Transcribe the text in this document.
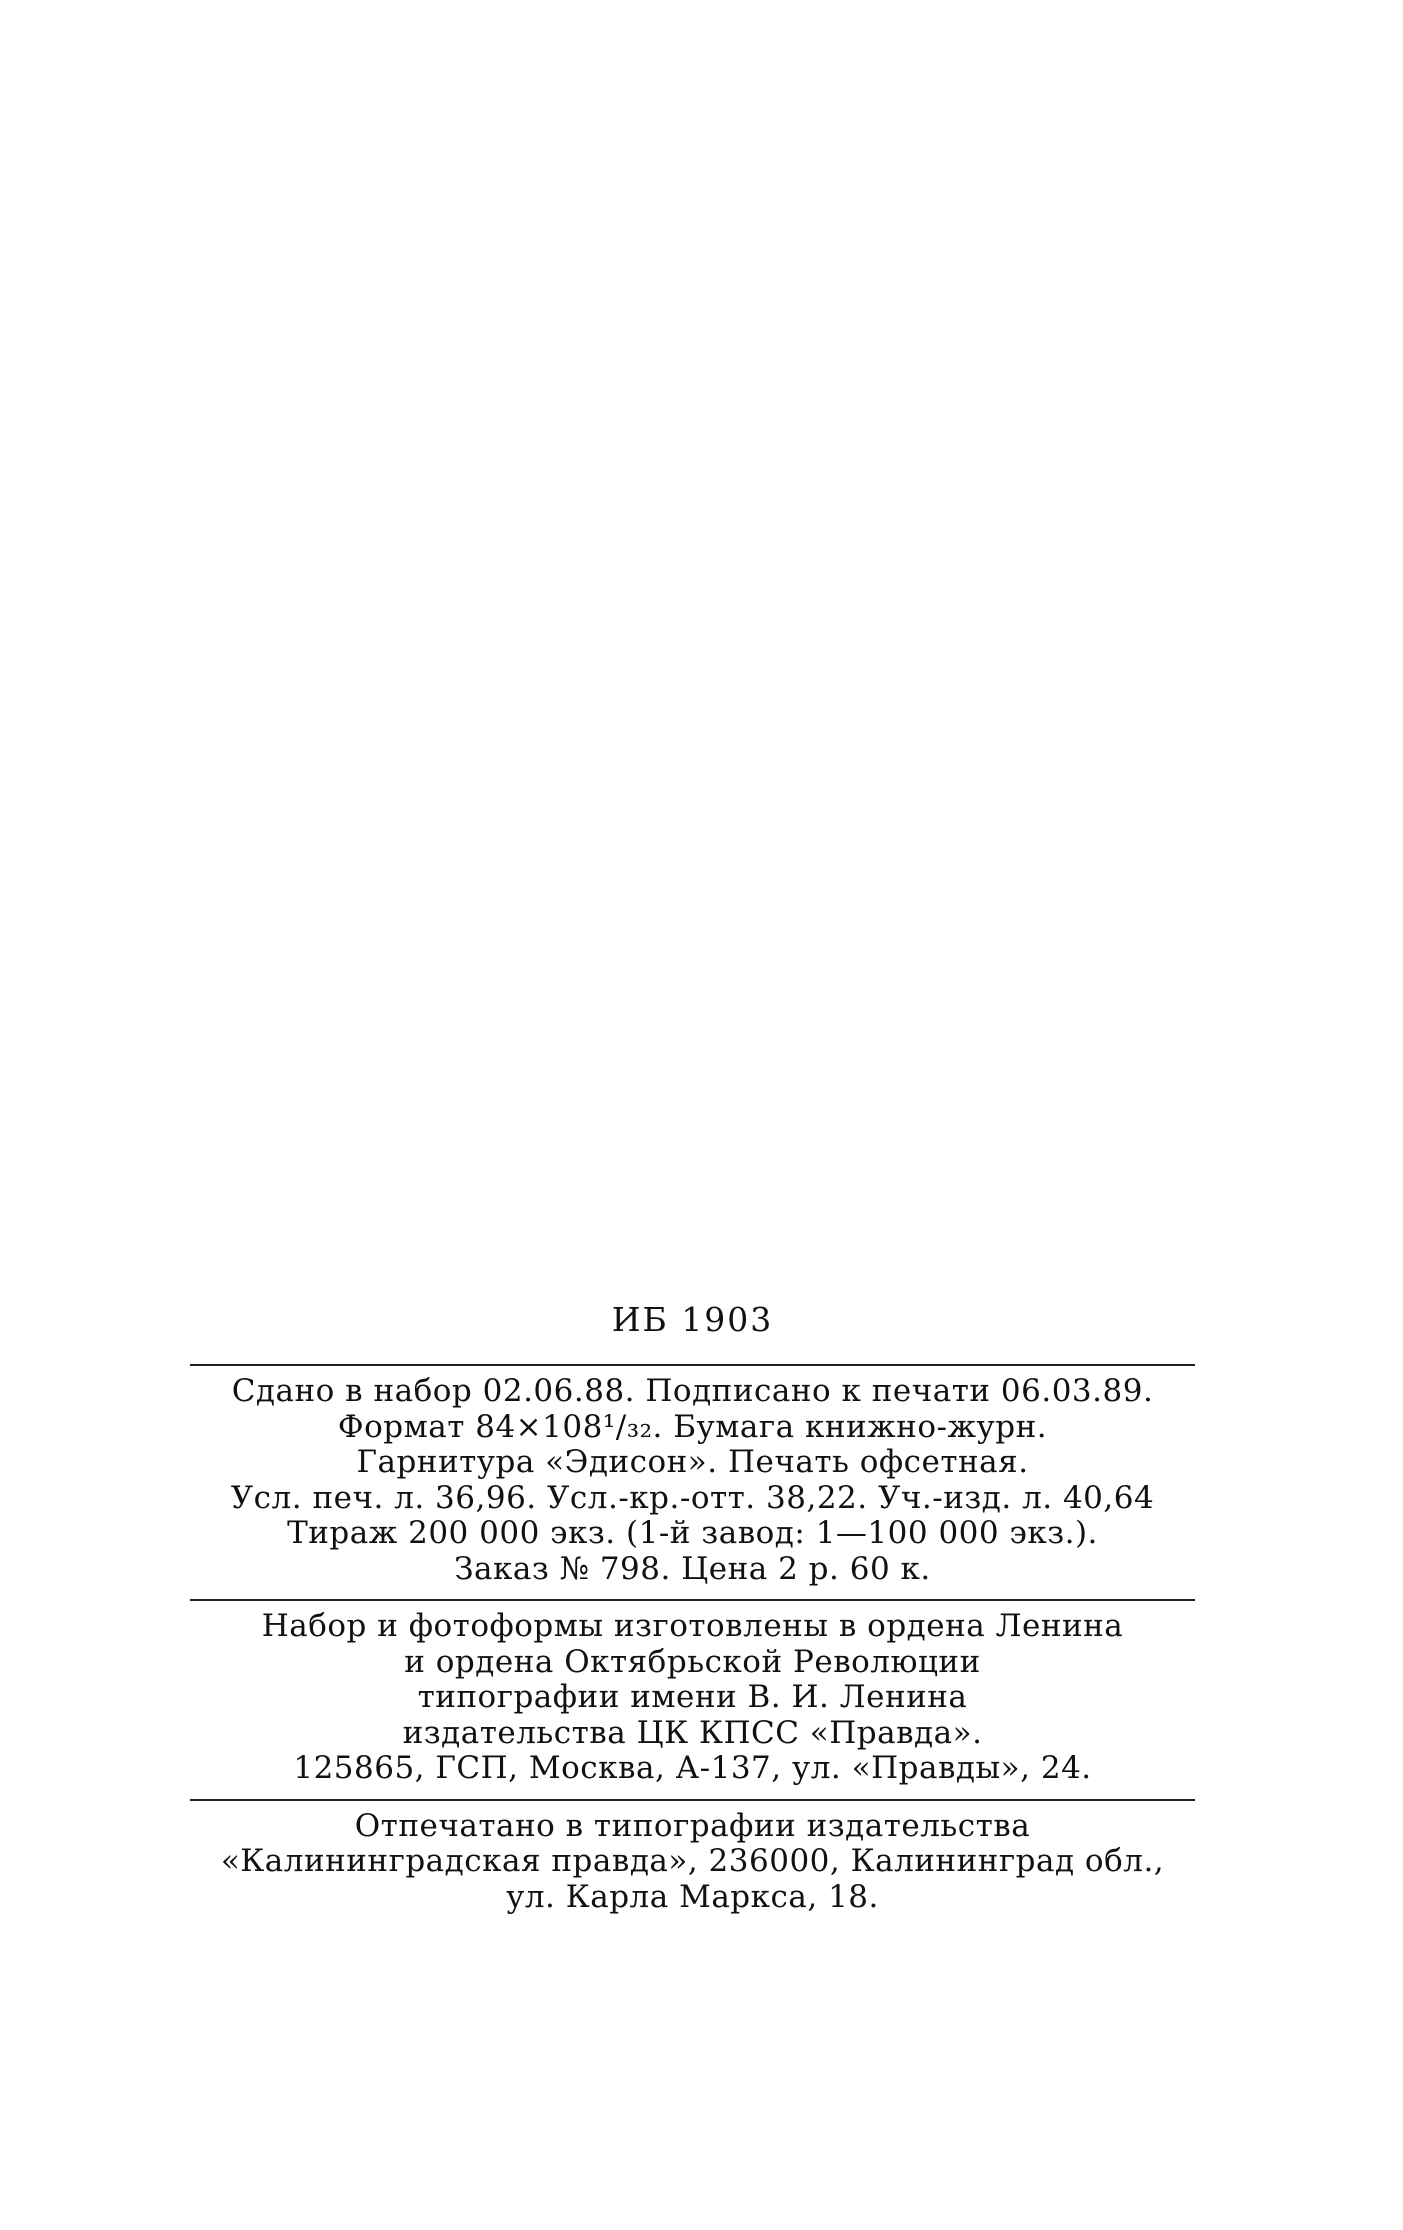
ИБ 1903
Сдано в набор 02.06.88. Подписано к печати 06.03.89.
Формат 84×108¹/₃₂. Бумага книжно-журн.
Гарнитура «Эдисон». Печать офсетная.
Усл. печ. л. 36,96. Усл.-кр.-отт. 38,22. Уч.-изд. л. 40,64
Тираж 200 000 экз. (1-й завод: 1—100 000 экз.).
Заказ № 798. Цена 2 р. 60 к.
Набор и фотоформы изготовлены в ордена Ленина
и ордена Октябрьской Революции
типографии имени В. И. Ленина
издательства ЦК КПСС «Правда».
125865, ГСП, Москва, А-137, ул. «Правды», 24.
Отпечатано в типографии издательства
«Калининградская правда», 236000, Калининград обл.,
ул. Карла Маркса, 18.
